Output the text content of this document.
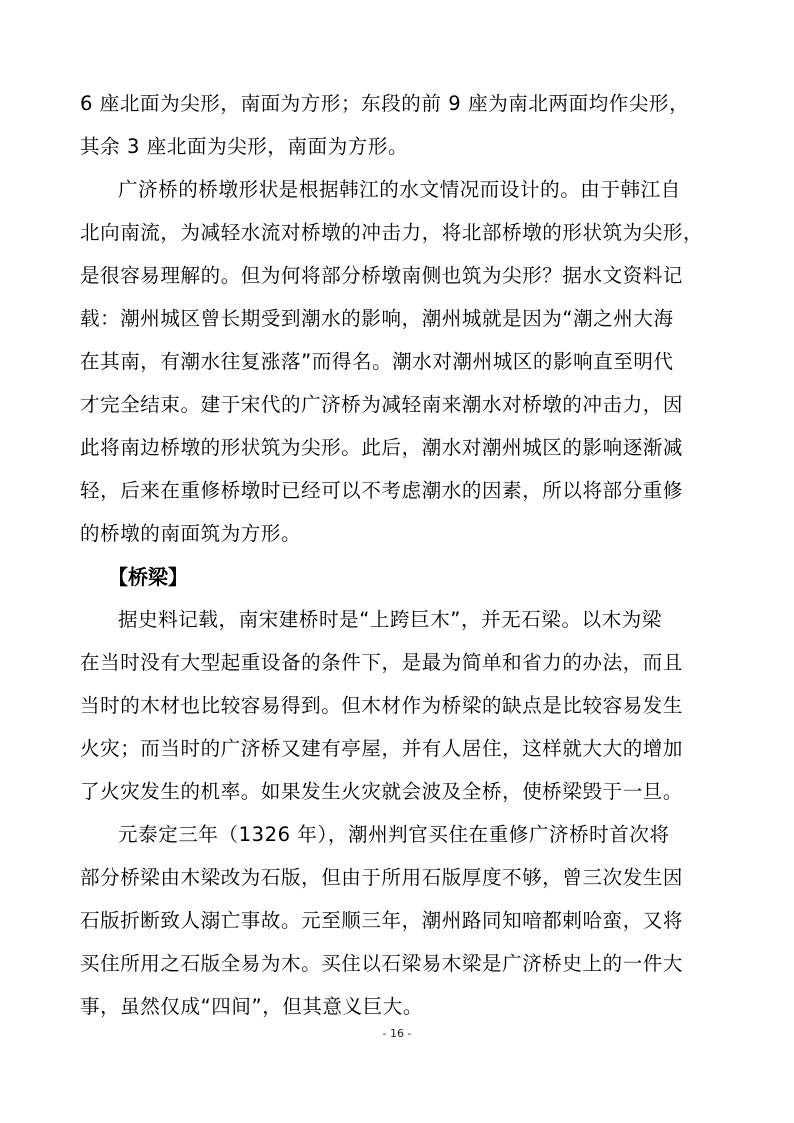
6 座北面为尖形，南面为方形；东段的前 9 座为南北两面均作尖形，
其余 3 座北面为尖形，南面为方形。
广济桥的桥墩形状是根据韩江的水文情况而设计的。由于韩江自
北向南流，为减轻水流对桥墩的冲击力，将北部桥墩的形状筑为尖形，
是很容易理解的。但为何将部分桥墩南侧也筑为尖形？据水文资料记
载：潮州城区曾长期受到潮水的影响，潮州城就是因为“潮之州大海
在其南，有潮水往复涨落”而得名。潮水对潮州城区的影响直至明代
才完全结束。建于宋代的广济桥为减轻南来潮水对桥墩的冲击力，因
此将南边桥墩的形状筑为尖形。此后，潮水对潮州城区的影响逐渐减
轻，后来在重修桥墩时已经可以不考虑潮水的因素，所以将部分重修
的桥墩的南面筑为方形。
【桥梁】
据史料记载，南宋建桥时是“上跨巨木”，并无石梁。以木为梁
在当时没有大型起重设备的条件下，是最为简单和省力的办法，而且
当时的木材也比较容易得到。但木材作为桥梁的缺点是比较容易发生
火灾；而当时的广济桥又建有亭屋，并有人居住，这样就大大的增加
了火灾发生的机率。如果发生火灾就会波及全桥，使桥梁毁于一旦。
元泰定三年（1326 年），潮州判官买住在重修广济桥时首次将
部分桥梁由木梁改为石版，但由于所用石版厚度不够，曾三次发生因
石版折断致人溺亡事故。元至顺三年，潮州路同知喑都剌哈蛮，又将
买住所用之石版全易为木。买住以石梁易木梁是广济桥史上的一件大
事，虽然仅成“四间”，但其意义巨大。
- 16 -
